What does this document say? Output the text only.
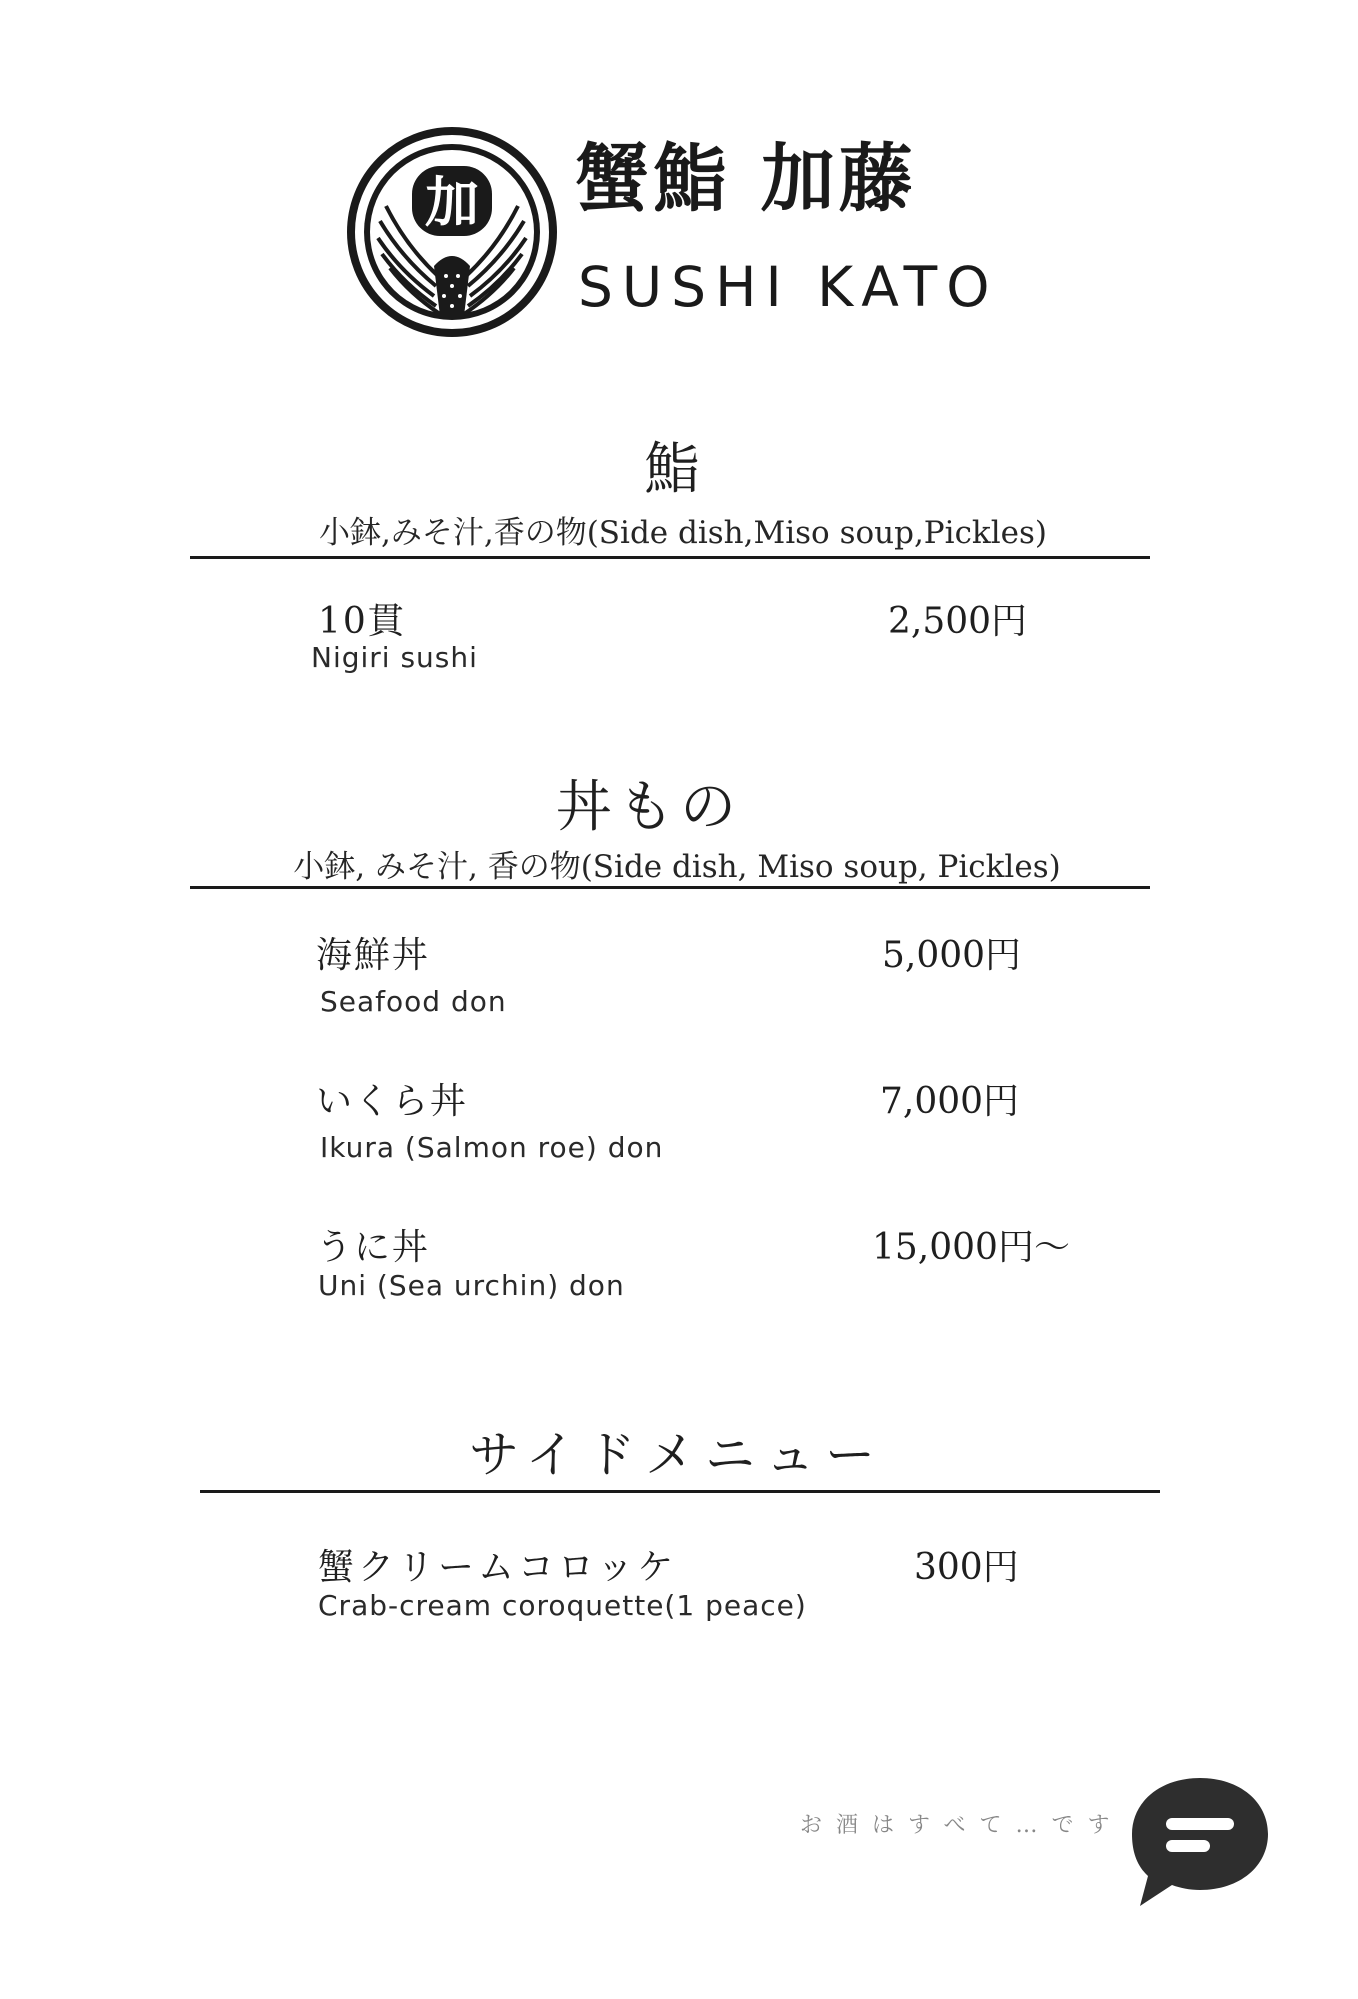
加 蟹鮨 加藤
SUSHI KATO
鮨
小鉢,みそ汁,香の物(Side dish,Miso soup,Pickles)
10貫
Nigiri sushi
2,500円
丼もの
小鉢, みそ汁, 香の物(Side dish, Miso soup, Pickles)
海鮮丼
Seafood don
5,000円
いくら丼
Ikura (Salmon roe) don
7,000円
うに丼
Uni (Sea urchin) don
15,000円～
サイドメニュー
蟹クリームコロッケ
Crab-cream coroquette(1 peace)
300円
お酒はすべて…です
